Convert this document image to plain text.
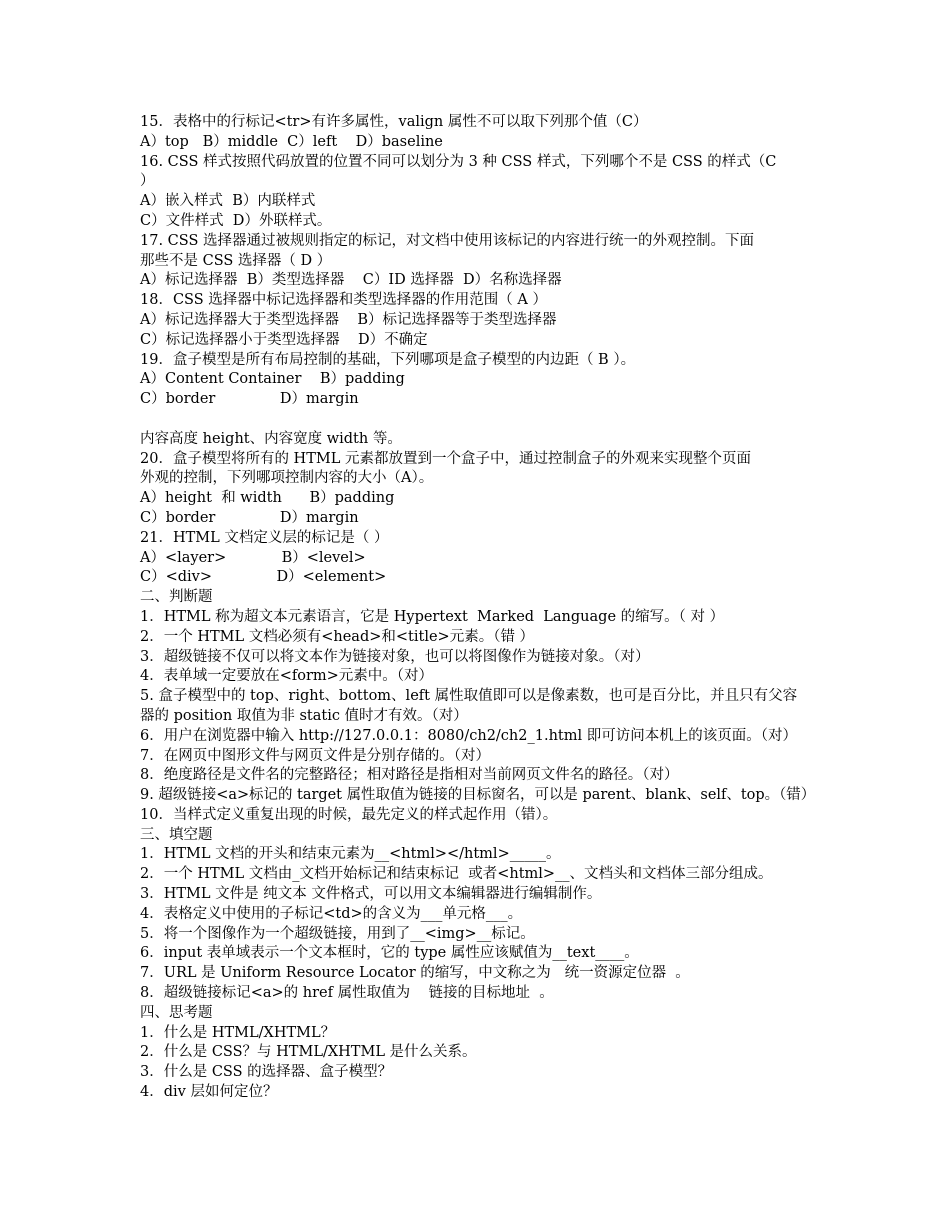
15．表格中的行标记<tr>有许多属性，valign 属性不可以取下列那个值（C）
A）top   B）middle  C）left    D）baseline
16. CSS 样式按照代码放置的位置不同可以划分为 3 种 CSS 样式，下列哪个不是 CSS 的样式（C
）
A）嵌入样式  B）内联样式
C）文件样式  D）外联样式。
17. CSS 选择器通过被规则指定的标记，对文档中使用该标记的内容进行统一的外观控制。下面
那些不是 CSS 选择器（ D ）
A）标记选择器  B）类型选择器    C）ID 选择器  D）名称选择器
18．CSS 选择器中标记选择器和类型选择器的作用范围（ A ）
A）标记选择器大于类型选择器    B）标记选择器等于类型选择器
C）标记选择器小于类型选择器    D）不确定
19．盒子模型是所有布局控制的基础，下列哪项是盒子模型的内边距（ B ）。
A）Content Container    B）padding
C）border              D）margin
内容高度 height、内容宽度 width 等。
20．盒子模型将所有的 HTML 元素都放置到一个盒子中，通过控制盒子的外观来实现整个页面
外观的控制，下列哪项控制内容的大小（A）。
A）height  和 width      B）padding
C）border              D）margin
21．HTML 文档定义层的标记是（ ）
A）<layer>            B）<level>
C）<div>              D）<element>
二、判断题
1．HTML 称为超文本元素语言，它是 Hypertext  Marked  Language 的缩写。（ 对 ）
2．一个 HTML 文档必须有<head>和<title>元素。（错 ）
3．超级链接不仅可以将文本作为链接对象，也可以将图像作为链接对象。（对）
4．表单域一定要放在<form>元素中。（对）
5. 盒子模型中的 top、right、bottom、left 属性取值即可以是像素数，也可是百分比，并且只有父容
器的 position 取值为非 static 值时才有效。（对）
6．用户在浏览器中输入 http://127.0.0.1：8080/ch2/ch2_1.html 即可访问本机上的该页面。（对）
7．在网页中图形文件与网页文件是分别存储的。（对）
8．绝度路径是文件名的完整路径；相对路径是指相对当前网页文件名的路径。（对）
9. 超级链接<a>标记的 target 属性取值为链接的目标窗名，可以是 parent、blank、self、top。（错）
10．当样式定义重复出现的时候，最先定义的样式起作用（错）。
三、填空题
1．HTML 文档的开头和结束元素为__<html></html>_____。
2．一个 HTML 文档由_文档开始标记和结束标记  或者<html>__、文档头和文档体三部分组成。
3．HTML 文件是 纯文本 文件格式，可以用文本编辑器进行编辑制作。
4．表格定义中使用的子标记<td>的含义为___单元格___。
5．将一个图像作为一个超级链接，用到了__<img>__标记。
6．input 表单域表示一个文本框时，它的 type 属性应该赋值为__text____。
7．URL 是 Uniform Resource Locator 的缩写，中文称之为   统一资源定位器  。
8．超级链接标记<a>的 href 属性取值为    链接的目标地址  。
四、思考题
1．什么是 HTML/XHTML？
2．什么是 CSS？与 HTML/XHTML 是什么关系。
3．什么是 CSS 的选择器、盒子模型？
4．div 层如何定位？
